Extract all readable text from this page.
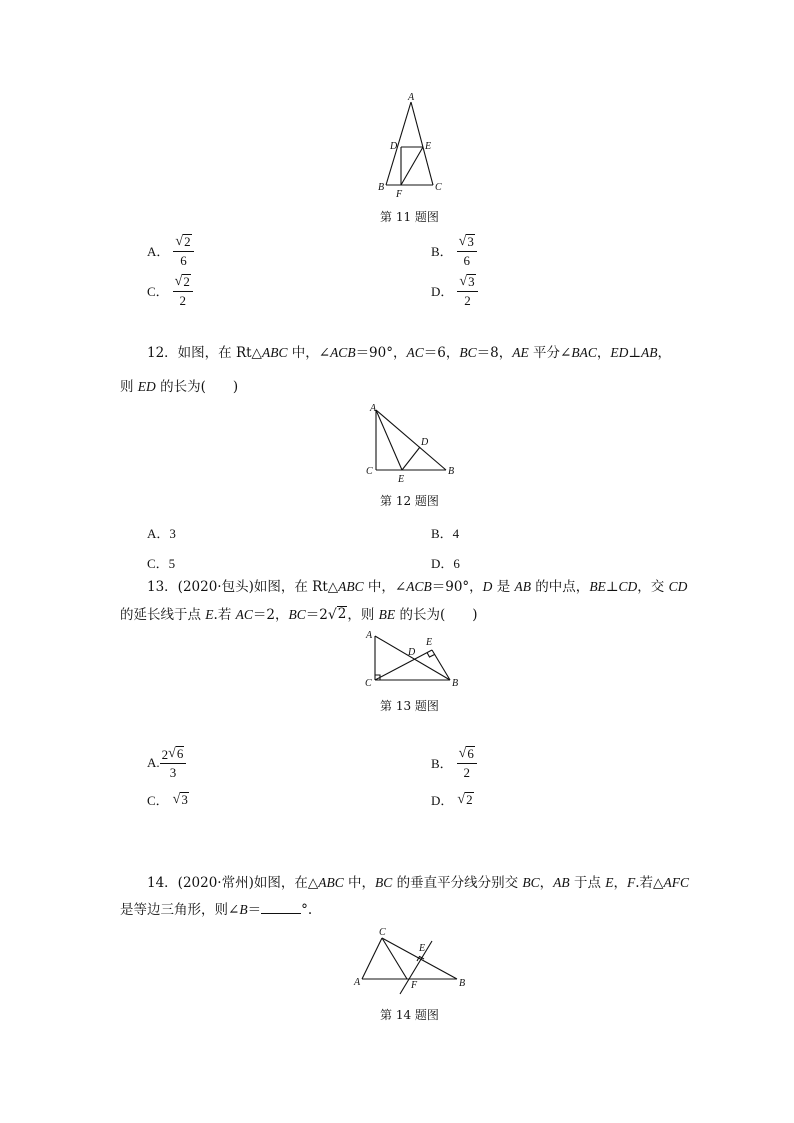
A
D	E
B
F
C
第 11 题图
A． $\frac{√ 2}{6}$	B． $\frac{√ 3}{6}$
C． $\frac{√ 2}{2}$	D． $\frac{√ 3}{2}$
12．如图，在 Rt△ABC 中，∠ACB＝90°，AC＝6，BC＝8，AE 平分∠BAC，ED⊥AB，
则 ED 的长为(　　)
A
D
C
E
B
第 12 题图
A．3	B．4
C．5	D．6
13．(2020·包头)如图，在 Rt△ABC 中，∠ACB＝90°，D 是 AB 的中点，BE⊥CD，交 CD
的延长线于点 E.若 AC＝2，BC＝2 √ 2 ，则 BE 的长为(　　)
A
E
D
C	B
第 13 题图
A. $\frac{2 √ 6}{3}$	B． $\frac{√ 6}{2}$
C． √ 3	D． √ 2
14．(2020·常州)如图，在△ABC 中，BC 的垂直平分线分别交 BC，AB 于点 E，F.若△AFC
是等边三角形，则∠B＝	°.
C
E
A	F	B
第 14 题图
